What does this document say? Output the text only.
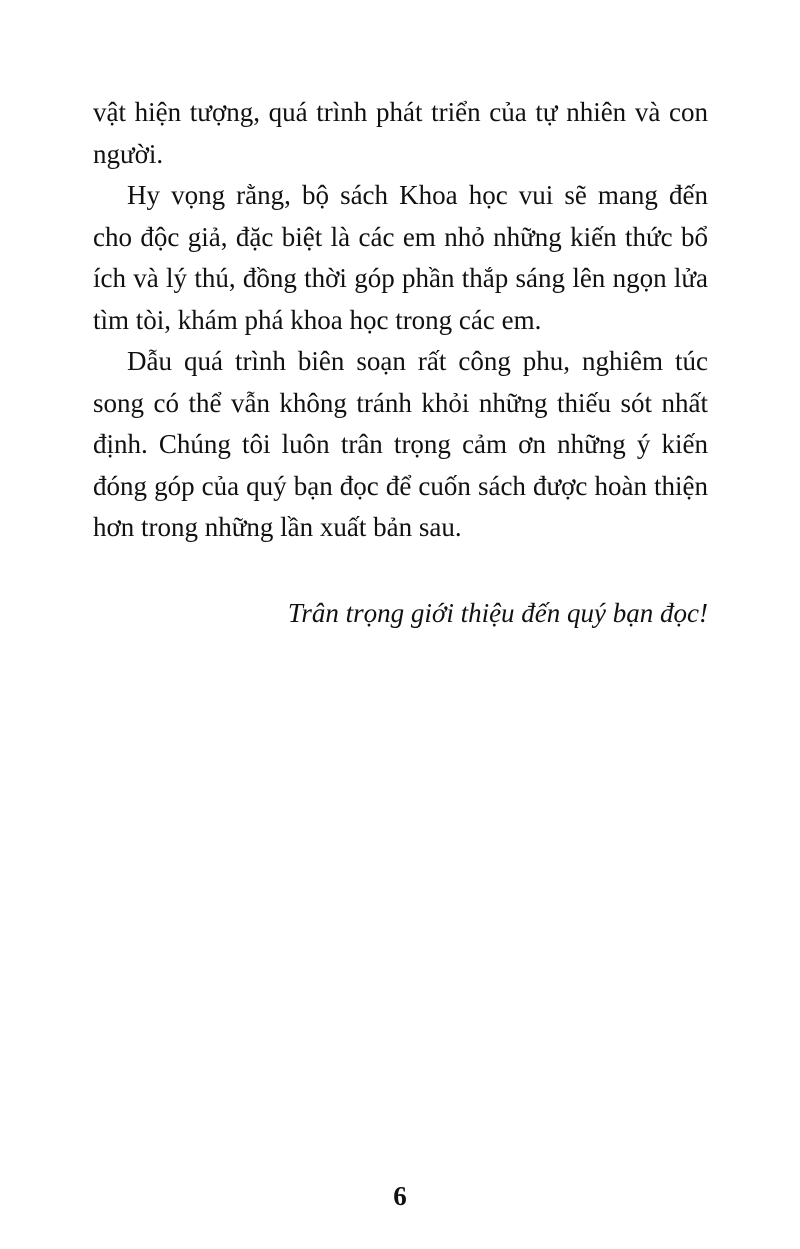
vật hiện tượng, quá trình phát triển của tự nhiên và con người.

Hy vọng rằng, bộ sách Khoa học vui sẽ mang đến cho độc giả, đặc biệt là các em nhỏ những kiến thức bổ ích và lý thú, đồng thời góp phần thắp sáng lên ngọn lửa tìm tòi, khám phá khoa học trong các em.

Dẫu quá trình biên soạn rất công phu, nghiêm túc song có thể vẫn không tránh khỏi những thiếu sót nhất định. Chúng tôi luôn trân trọng cảm ơn những ý kiến đóng góp của quý bạn đọc để cuốn sách được hoàn thiện hơn trong những lần xuất bản sau.

Trân trọng giới thiệu đến quý bạn đọc!

6
